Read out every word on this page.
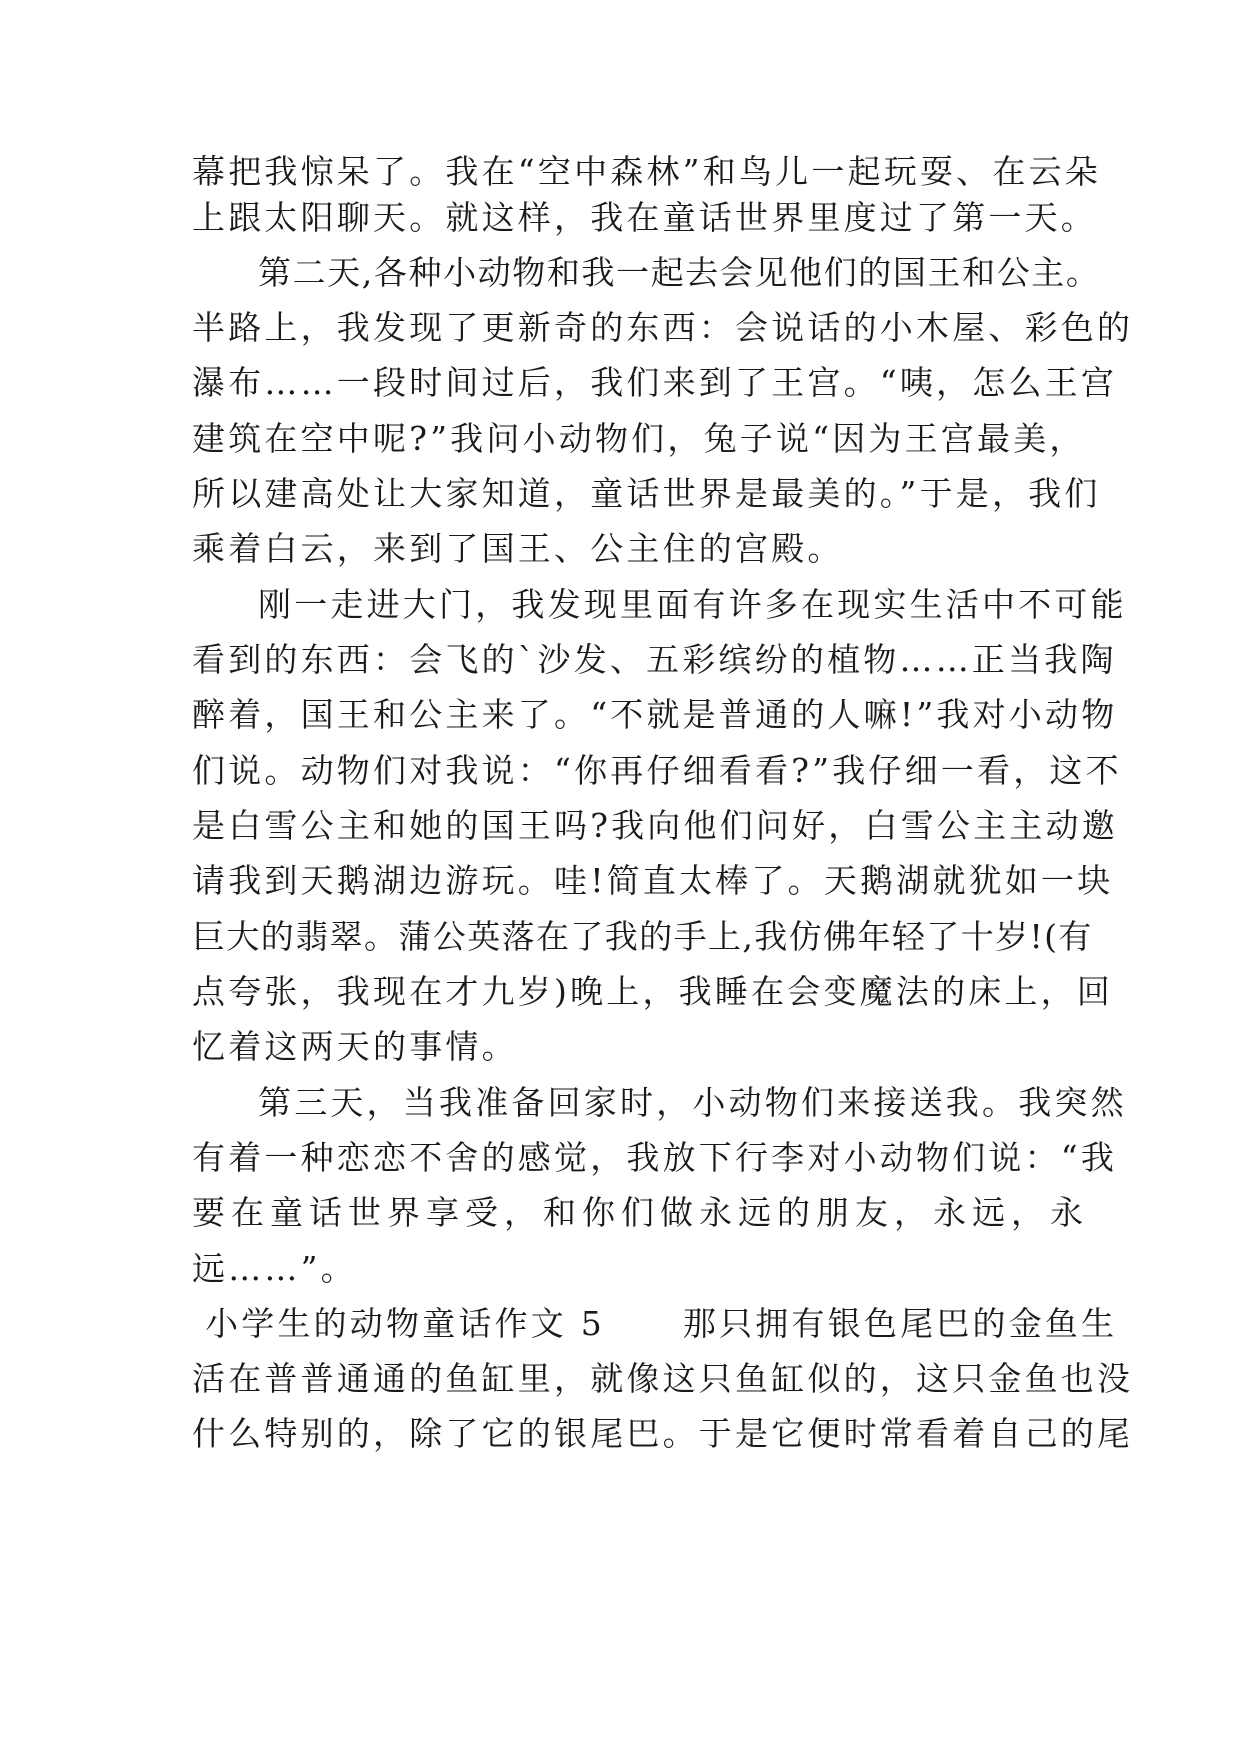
幕把我惊呆了。我在“空中森林”和鸟儿一起玩耍、在云朵
上跟太阳聊天。就这样，我在童话世界里度过了第一天。
第二天,各种小动物和我一起去会见他们的国王和公主。
半路上，我发现了更新奇的东西：会说话的小木屋、彩色的
瀑布……一段时间过后，我们来到了王宫。“咦，怎么王宫
建筑在空中呢?”我问小动物们，兔子说“因为王宫最美，
所以建高处让大家知道，童话世界是最美的。”于是，我们
乘着白云，来到了国王、公主住的宫殿。
刚一走进大门，我发现里面有许多在现实生活中不可能
看到的东西：会飞的`沙发、五彩缤纷的植物……正当我陶
醉着，国王和公主来了。“不就是普通的人嘛!”我对小动物
们说。动物们对我说：“你再仔细看看?”我仔细一看，这不
是白雪公主和她的国王吗?我向他们问好，白雪公主主动邀
请我到天鹅湖边游玩。哇!简直太棒了。天鹅湖就犹如一块
巨大的翡翠。蒲公英落在了我的手上,我仿佛年轻了十岁!(有
点夸张，我现在才九岁)晚上，我睡在会变魔法的床上，回
忆着这两天的事情。
第三天，当我准备回家时，小动物们来接送我。我突然
有着一种恋恋不舍的感觉，我放下行李对小动物们说：“我
要在童话世界享受，和你们做永远的朋友，永远，永
远……”。
小学生的动物童话作文 5 那只拥有银色尾巴的金鱼生
活在普普通通的鱼缸里，就像这只鱼缸似的，这只金鱼也没
什么特别的，除了它的银尾巴。于是它便时常看着自己的尾
